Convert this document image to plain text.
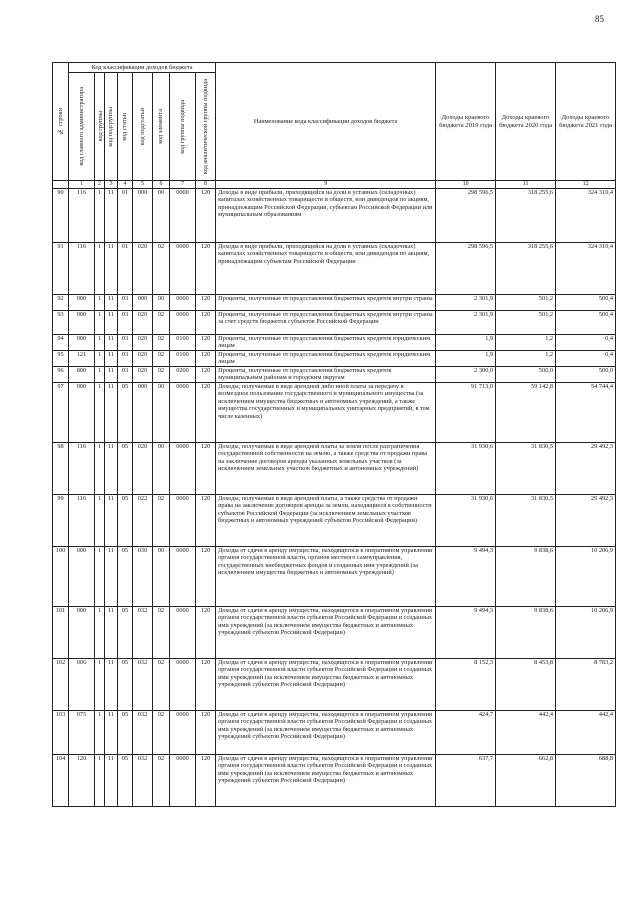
85
№ строки	Код классификации доходов бюджета								Наименование кода классификации доходов бюджета	Доходы краевого бюджета 2019 года	Доходы краевого бюджета 2020 года	Доходы краевого бюджета 2021 года

	код главного администратора	код группы	код подгруппы	код статьи	код подстатьи	код элемента	код группы подвида	код аналитической группы подвида				

	1	2	3	4	5	6	7	8	9	10	11	12
90	116	1	11	01	000	00	0000	120	Доходы в виде прибыли, приходящейся на доли в уставных (складочных) капиталах хозяйственных товариществ и обществ, или дивидендов по акциям, принадлежащим Российской Федерации, субъектам Российской Федерации или муниципальным образованиям	298 596,5	318 255,6	324 310,4
91	116	1	11	01	020	02	0000	120	Доходы в виде прибыли, приходящейся на доли в уставных (складочных) капиталах хозяйственных товариществ и обществ, или дивидендов по акциям, принадлежащим субъектам Российской Федерации	298 596,5	318 255,6	324 310,4
92	000	1	11	03	000	00	0000	120	Проценты, полученные от предоставления бюджетных кредитов внутри страны	2 301,9	501,2	500,4
93	000	1	11	03	020	02	0000	120	Проценты, полученные от предоставления бюджетных кредитов внутри страны за счет средств бюджетов субъектов Российской Федерации	2 301,9	501,2	500,4
94	000	1	11	03	020	02	0100	120	Проценты, полученные от предоставления бюджетных кредитов юридическим лицам	1,9	1,2	0,4
95	121	1	11	03	020	02	0100	120	Проценты, полученные от предоставления бюджетных кредитов юридическим лицам	1,9	1,2	0,4
96	800	1	11	03	020	02	0200	120	Проценты, полученные от предоставления бюджетных кредитов муниципальным районам и городским округам	2 300,0	500,0	500,0
97	000	1	11	05	000	00	0000	120	Доходы, получаемые в виде арендной либо иной платы за передачу в возмездное пользование государственного и муниципального имущества (за исключением имущества бюджетных и автономных учреждений, а также имущества государственных и муниципальных унитарных предприятий, в том числе казенных)	91 713,0	59 142,8	54 744,4
98	116	1	11	05	020	00	0000	120	Доходы, получаемые в виде арендной платы за земли после разграничения государственной собственности на землю, а также средства от продажи права на заключение договоров аренды указанных земельных участков (за исключением земельных участков бюджетных и автономных учреждений)	31 930,6	31 830,5	29 492,3
99	116	1	11	05	022	02	0000	120	Доходы, получаемые в виде арендной платы, а также средства от продажи права на заключение договоров аренды за земли, находящиеся в собственности субъектов Российской Федерации (за исключением земельных участков бюджетных и автономных учреждений субъектов Российской Федерации)	31 930,6	31 830,5	29 492,3
100	000	1	11	05	030	00	0000	120	Доходы от сдачи в аренду имущества, находящегося в оперативном управлении органов государственной власти, органов местного самоуправления, государственных внебюджетных фондов и созданных ими учреждений (за исключением имущества бюджетных и автономных учреждений)	9 494,3	9 838,6	10 206,9
101	000	1	11	05	032	02	0000	120	Доходы от сдачи в аренду имущества, находящегося в оперативном управлении органов государственной власти субъектов Российской Федерации и созданных ими учреждений (за исключением имущества бюджетных и автономных учреждений субъектов Российской Федерации)	9 494,3	9 838,6	10 206,9
102	006	1	11	05	032	02	0000	120	Доходы от сдачи в аренду имущества, находящегося в оперативном управлении органов государственной власти субъектов Российской Федерации и созданных ими учреждений (за исключением имущества бюджетных и автономных учреждений субъектов Российской Федерации)	8 152,3	8 453,8	8 783,2
103	075	1	11	05	032	02	0000	120	Доходы от сдачи в аренду имущества, находящегося в оперативном управлении органов государственной власти субъектов Российской Федерации и созданных ими учреждений (за исключением имущества бюджетных и автономных учреждений субъектов Российской Федерации)	424,7	442,4	442,4
104	120	1	11	05	032	02	0000	120	Доходы от сдачи в аренду имущества, находящегося в оперативном управлении органов государственной власти субъектов Российской Федерации и созданных ими учреждений (за исключением имущества бюджетных и автономных учреждений субъектов Российской Федерации)	637,7	662,8	688,8
